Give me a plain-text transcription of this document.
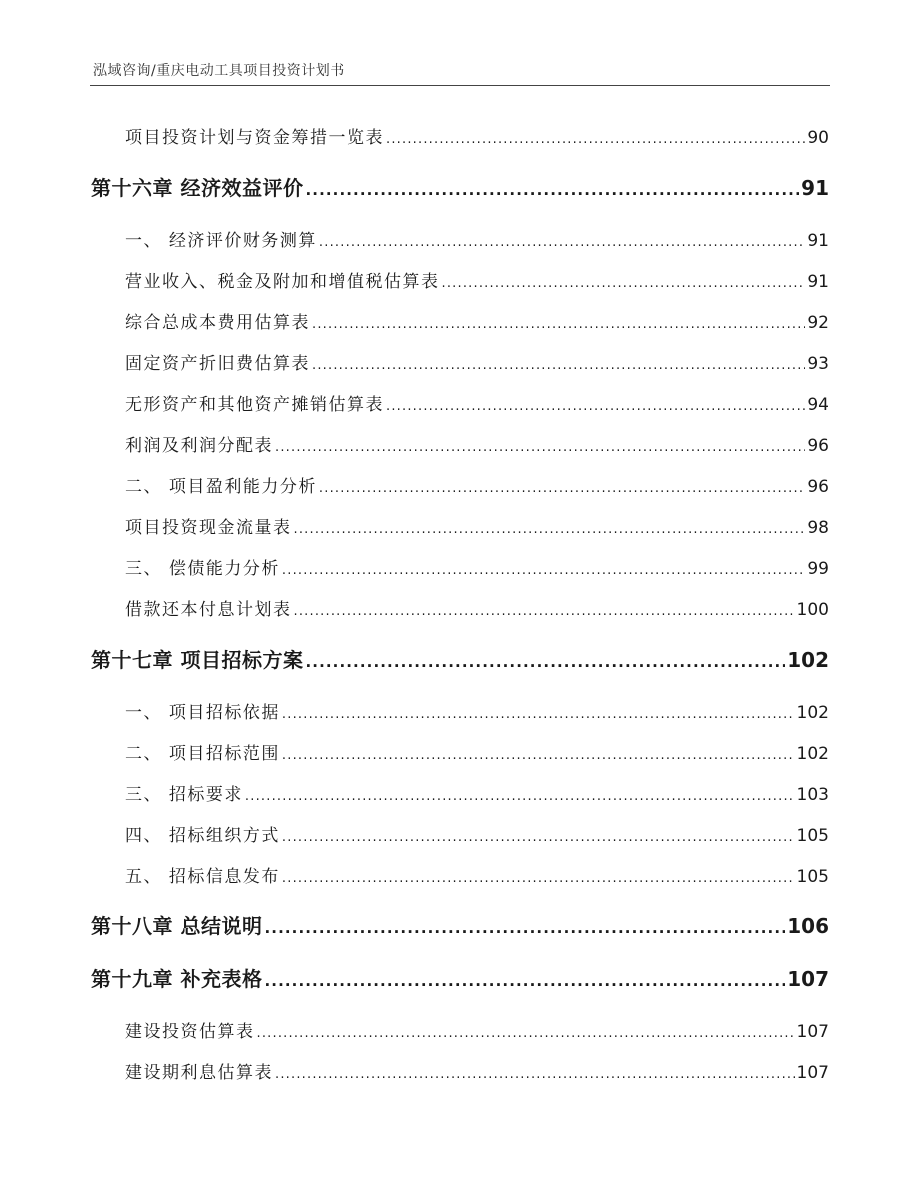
泓域咨询/重庆电动工具项目投资计划书
项目投资计划与资金筹措一览表 .....	90
第十六章 经济效益评价 .....	91
一、 经济评价财务测算 .....	91
营业收入、税金及附加和增值税估算表 .....	91
综合总成本费用估算表 .....	92
固定资产折旧费估算表 .....	93
无形资产和其他资产摊销估算表 .....	94
利润及利润分配表 .....	96
二、 项目盈利能力分析 .....	96
项目投资现金流量表 .....	98
三、 偿债能力分析 .....	99
借款还本付息计划表 .....	100
第十七章 项目招标方案 .....	102
一、 项目招标依据 .....	102
二、 项目招标范围 .....	102
三、 招标要求 .....	103
四、 招标组织方式 .....	105
五、 招标信息发布 .....	105
第十八章 总结说明 .....	106
第十九章 补充表格 .....	107
建设投资估算表 .....	107
建设期利息估算表 .....	107
